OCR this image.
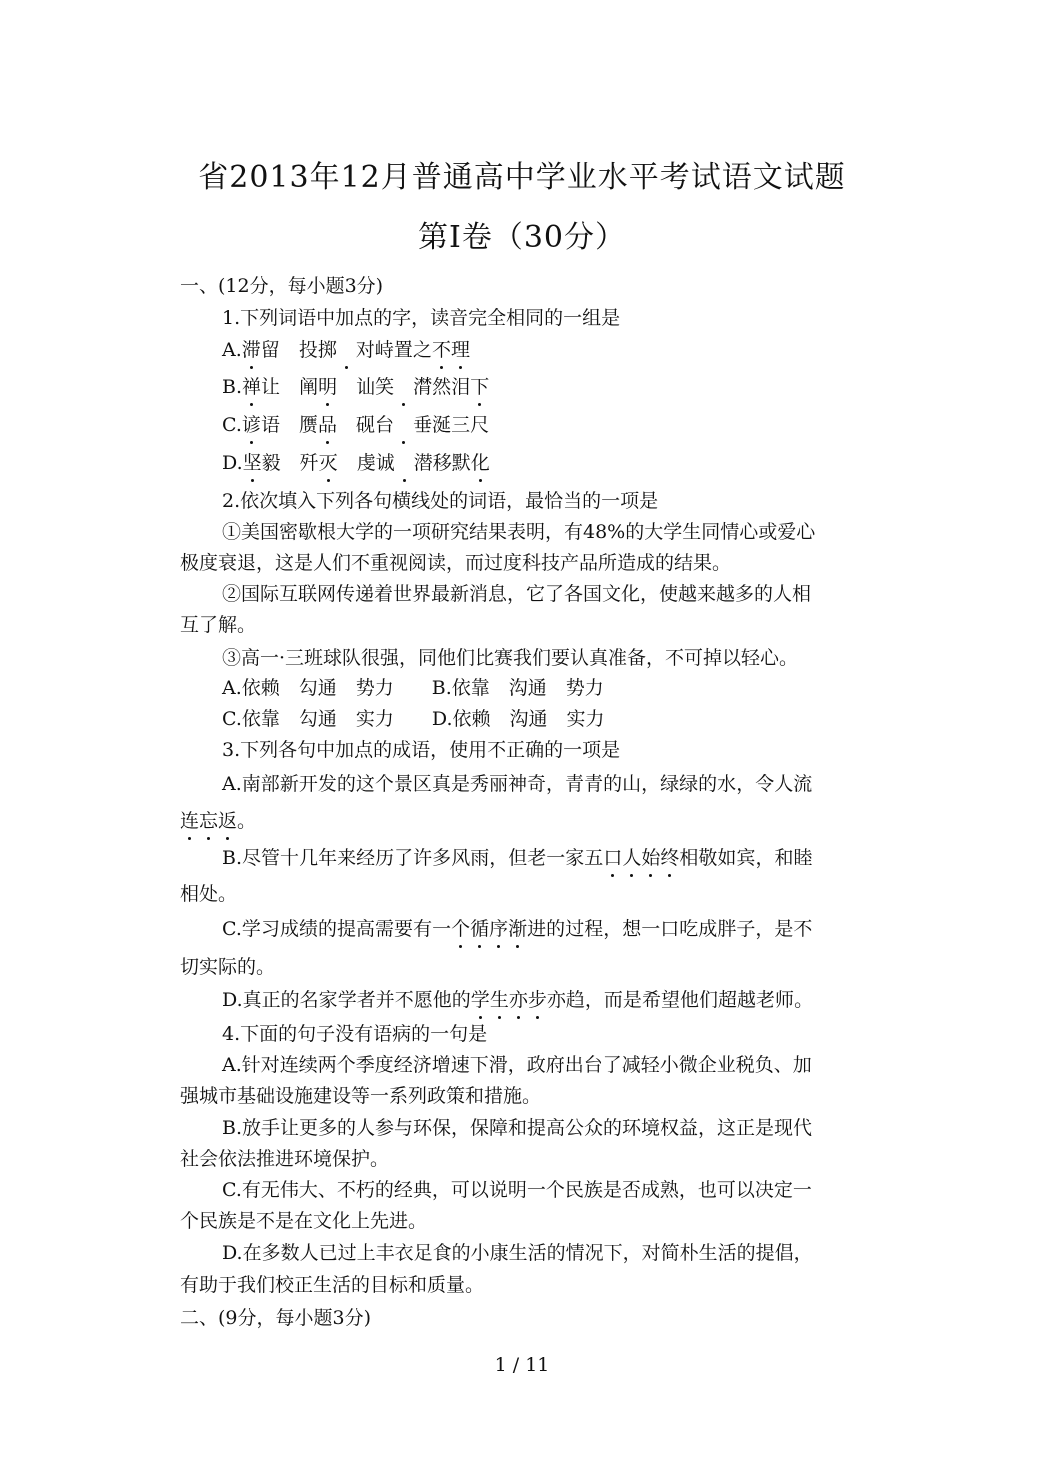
省2013年12月普通高中学业水平考试语文试题
第Ⅰ卷（30分）
一、(12分，每小题3分)
1.下列词语中加点的字，读音完全相同的一组是
A.滞留　 投掷　 对峙置之不理
B.禅让　 阐明　 讪笑　 潸然泪下
C.谚语　 赝品　 砚台　 垂涎三尺
D.坚毅　 歼灭　 虔诚　 潜移默化
2.依次填入下列各句横线处的词语，最恰当的一项是
①美国密歇根大学的一项研究结果表明，有48%的大学生同情心或爱心
极度衰退，这是人们不重视阅读，而过度科技产品所造成的结果。
②国际互联网传递着世界最新消息，它了各国文化，使越来越多的人相
互了解。
③高一·三班球队很强，同他们比赛我们要认真准备，不可掉以轻心。
A.依赖　勾通　势力　　B.依靠　沟通　势力
C.依靠　勾通　实力　　D.依赖　沟通　实力
3.下列各句中加点的成语，使用不正确的一项是
A.南部新开发的这个景区真是秀丽神奇，青青的山，绿绿的水，令人流
连忘返。
B.尽管十几年来经历了许多风雨，但老一家五口人始终相敬如宾，和睦
相处。
C.学习成绩的提高需要有一个循序渐进的过程，想一口吃成胖子，是不
切实际的。
D.真正的名家学者并不愿他的学生亦步亦趋，而是希望他们超越老师。
4.下面的句子没有语病的一句是
A.针对连续两个季度经济增速下滑，政府出台了减轻小微企业税负、加
强城市基础设施建设等一系列政策和措施。
B.放手让更多的人参与环保，保障和提高公众的环境权益，这正是现代
社会依法推进环境保护。
C.有无伟大、不朽的经典，可以说明一个民族是否成熟，也可以决定一
个民族是不是在文化上先进。
D.在多数人已过上丰衣足食的小康生活的情况下，对简朴生活的提倡，
有助于我们校正生活的目标和质量。
二、(9分，每小题3分)
1 / 11
